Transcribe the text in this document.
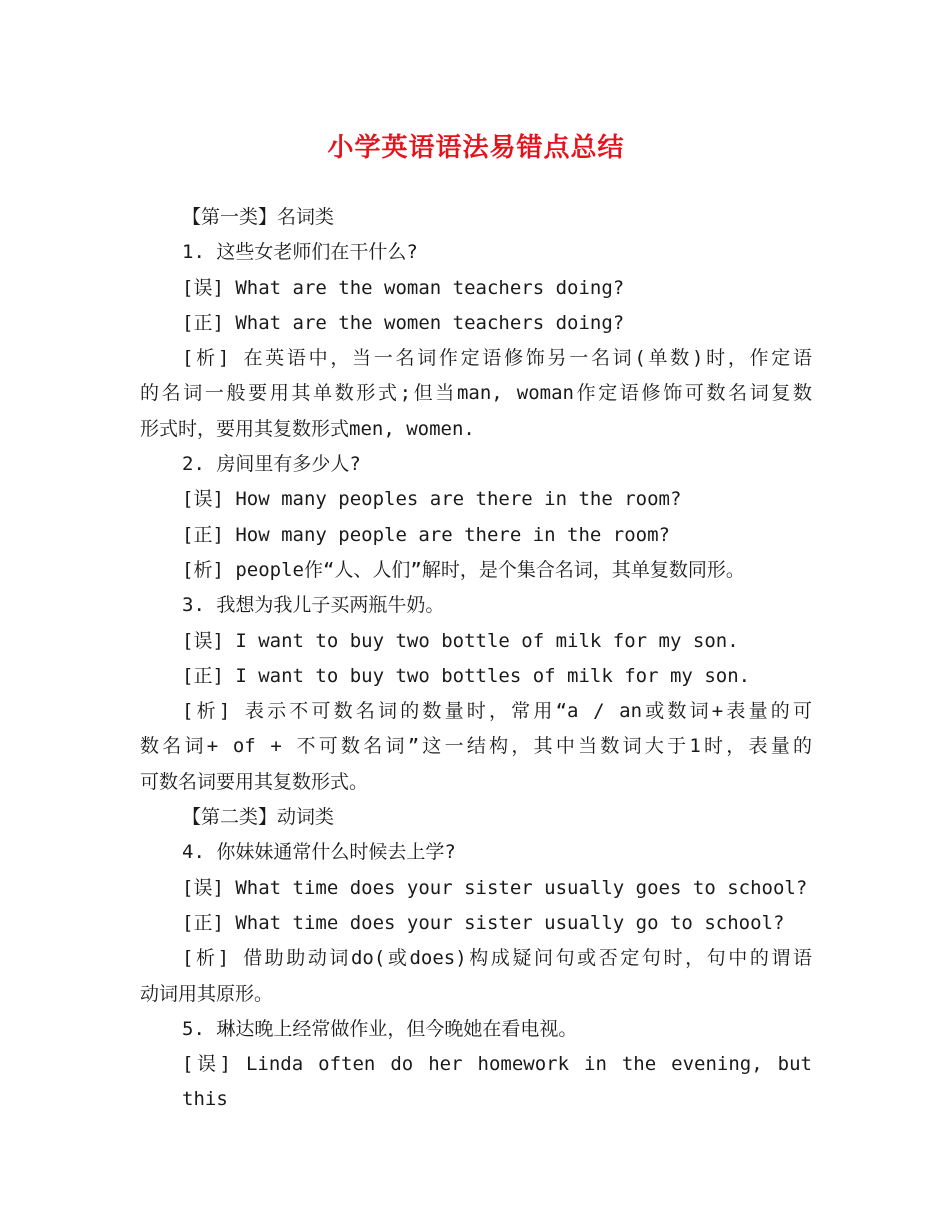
小学英语语法易错点总结
【第一类】名词类
1. 这些女老师们在干什么?
[误] What are the woman teachers doing?
[正] What are the women teachers doing?
[析] 在英语中，当一名词作定语修饰另一名词(单数)时，作定语
的名词一般要用其单数形式;但当man, woman作定语修饰可数名词复数
形式时，要用其复数形式men, women.
2. 房间里有多少人?
[误] How many peoples are there in the room?
[正] How many people are there in the room?
[析] people作“人、人们”解时，是个集合名词，其单复数同形。
3. 我想为我儿子买两瓶牛奶。
[误] I want to buy two bottle of milk for my son.
[正] I want to buy two bottles of milk for my son.
[析] 表示不可数名词的数量时，常用“a / an或数词+表量的可
数名词+ of + 不可数名词”这一结构，其中当数词大于1时，表量的
可数名词要用其复数形式。
【第二类】动词类
4. 你妹妹通常什么时候去上学?
[误] What time does your sister usually goes to school?
[正] What time does your sister usually go to school?
[析] 借助助动词do(或does)构成疑问句或否定句时，句中的谓语
动词用其原形。
5. 琳达晚上经常做作业，但今晚她在看电视。
[误] Linda often do her homework in the evening, but this
